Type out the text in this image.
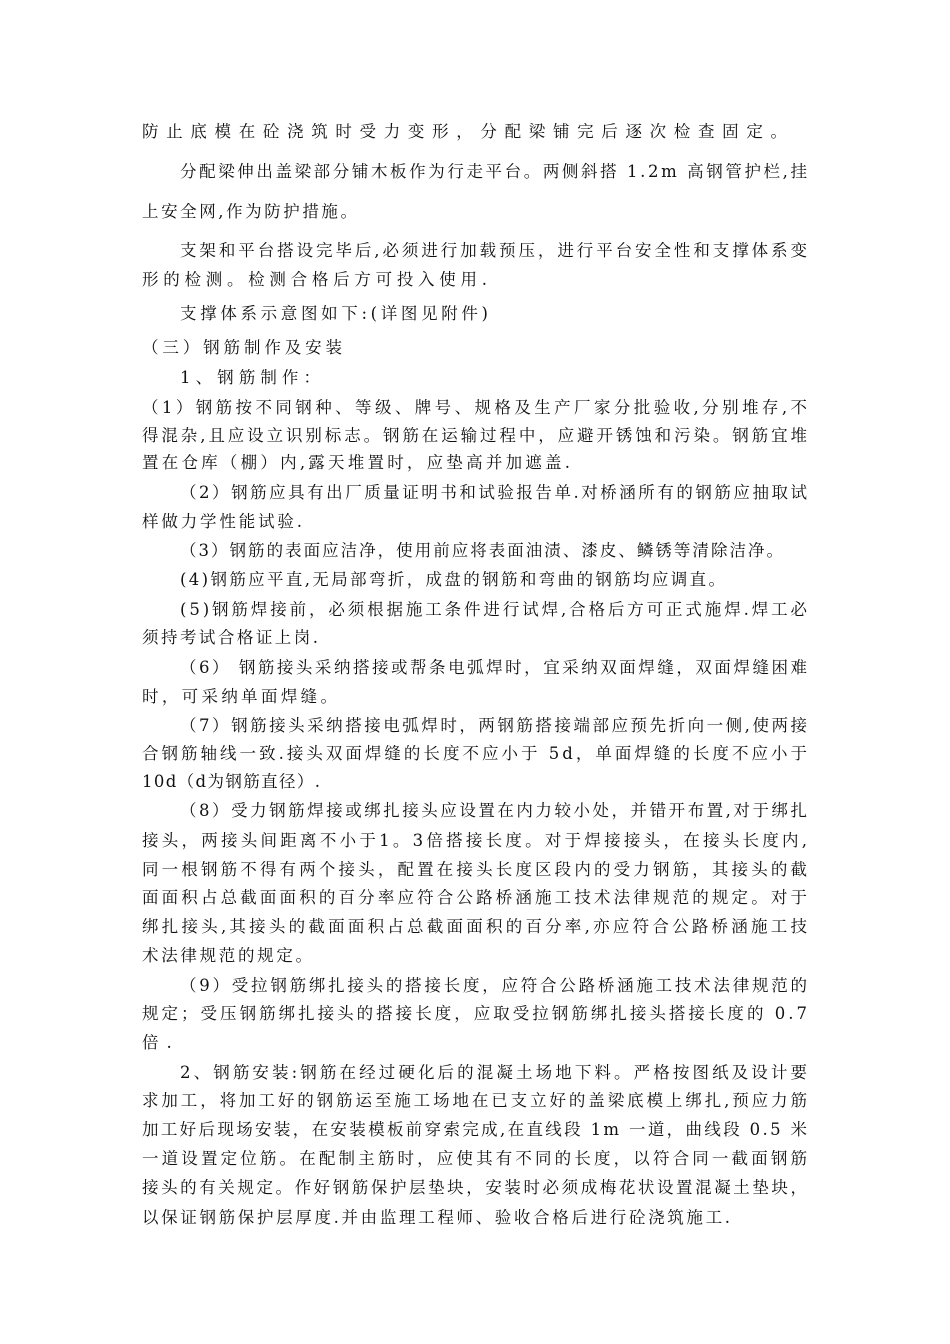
防止底模在砼浇筑时受力变形，分配梁铺完后逐次检查固定。
分配梁伸出盖梁部分铺木板作为行走平台。两侧斜搭 1.2m 高钢管护栏,挂
上安全网,作为防护措施。
支架和平台搭设完毕后,必须进行加载预压，进行平台安全性和支撑体系变
形的检测。检测合格后方可投入使用.
支撑体系示意图如下:(详图见附件)
（三）钢筋制作及安装
1、钢筋制作：
（1）钢筋按不同钢种、等级、牌号、规格及生产厂家分批验收,分别堆存,不
得混杂,且应设立识别标志。钢筋在运输过程中，应避开锈蚀和污染。钢筋宜堆
置在仓库（棚）内,露天堆置时，应垫高并加遮盖.
（2）钢筋应具有出厂质量证明书和试验报告单.对桥涵所有的钢筋应抽取试
样做力学性能试验.
（3）钢筋的表面应洁净，使用前应将表面油渍、漆皮、鳞锈等清除洁净。
(4)钢筋应平直,无局部弯折，成盘的钢筋和弯曲的钢筋均应调直。
(5)钢筋焊接前，必须根据施工条件进行试焊,合格后方可正式施焊.焊工必
须持考试合格证上岗.
（6） 钢筋接头采纳搭接或帮条电弧焊时，宜采纳双面焊缝，双面焊缝困难
时，可采纳单面焊缝。
（7）钢筋接头采纳搭接电弧焊时，两钢筋搭接端部应预先折向一侧,使两接
合钢筋轴线一致.接头双面焊缝的长度不应小于 5d，单面焊缝的长度不应小于
10d（d为钢筋直径）.
（8）受力钢筋焊接或绑扎接头应设置在内力较小处，并错开布置,对于绑扎
接头，两接头间距离不小于1。3倍搭接长度。对于焊接接头，在接头长度内,
同一根钢筋不得有两个接头，配置在接头长度区段内的受力钢筋，其接头的截
面面积占总截面面积的百分率应符合公路桥涵施工技术法律规范的规定。对于
绑扎接头,其接头的截面面积占总截面面积的百分率,亦应符合公路桥涵施工技
术法律规范的规定。
（9）受拉钢筋绑扎接头的搭接长度，应符合公路桥涵施工技术法律规范的
规定；受压钢筋绑扎接头的搭接长度，应取受拉钢筋绑扎接头搭接长度的 0.7
倍.
2、钢筋安装:钢筋在经过硬化后的混凝土场地下料。严格按图纸及设计要
求加工，将加工好的钢筋运至施工场地在已支立好的盖梁底模上绑扎,预应力筋
加工好后现场安装，在安装模板前穿索完成,在直线段 1m 一道，曲线段 0.5 米
一道设置定位筋。在配制主筋时，应使其有不同的长度，以符合同一截面钢筋
接头的有关规定。作好钢筋保护层垫块，安装时必须成梅花状设置混凝土垫块，
以保证钢筋保护层厚度.并由监理工程师、验收合格后进行砼浇筑施工.
